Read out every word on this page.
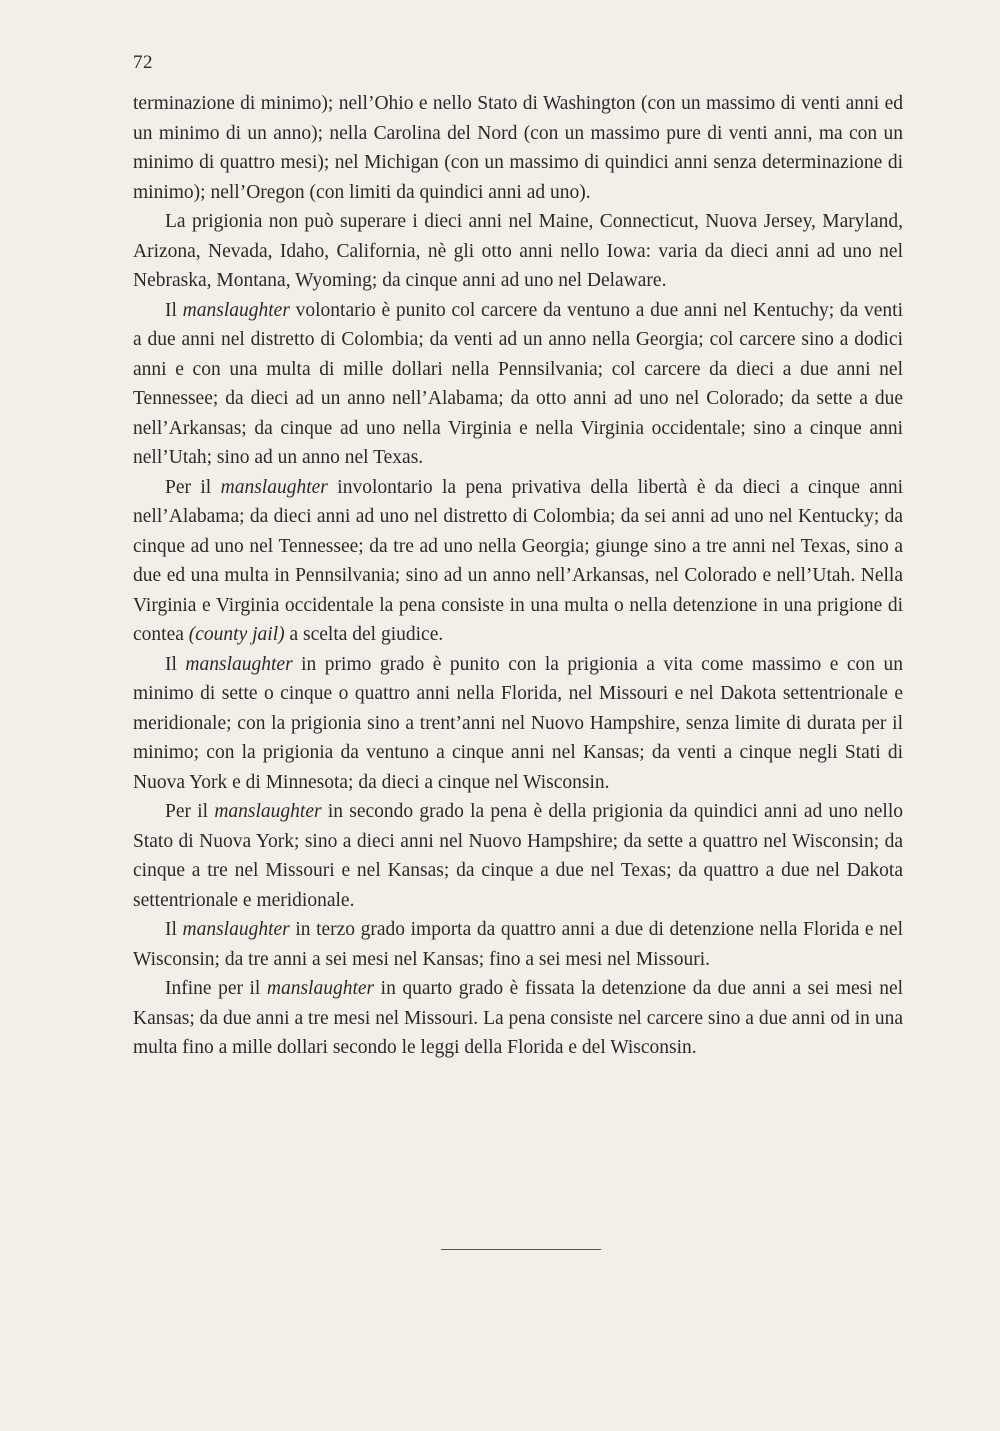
72

terminazione di minimo); nell’Ohio e nello Stato di Washington (con un massimo di venti anni ed un minimo di un anno); nella Carolina del Nord (con un massimo pure di venti anni, ma con un minimo di quattro mesi); nel Michigan (con un massimo di quindici anni senza determinazione di minimo); nell’Oregon (con limiti da quindici anni ad uno).

La prigionia non può superare i dieci anni nel Maine, Connecticut, Nuova Jersey, Maryland, Arizona, Nevada, Idaho, California, nè gli otto anni nello Iowa: varia da dieci anni ad uno nel Nebraska, Montana, Wyoming; da cinque anni ad uno nel Delaware.

Il manslaughter volontario è punito col carcere da ventuno a due anni nel Kentuchy; da venti a due anni nel distretto di Colombia; da venti ad un anno nella Georgia; col carcere sino a dodici anni e con una multa di mille dollari nella Pennsilvania; col carcere da dieci a due anni nel Tennessee; da dieci ad un anno nell’Alabama; da otto anni ad uno nel Colorado; da sette a due nell’Arkansas; da cinque ad uno nella Virginia e nella Virginia occidentale; sino a cinque anni nell’Utah; sino ad un anno nel Texas.

Per il manslaughter involontario la pena privativa della libertà è da dieci a cinque anni nell’Alabama; da dieci anni ad uno nel distretto di Colombia; da sei anni ad uno nel Kentucky; da cinque ad uno nel Tennessee; da tre ad uno nella Georgia; giunge sino a tre anni nel Texas, sino a due ed una multa in Pennsilvania; sino ad un anno nell’Arkansas, nel Colorado e nell’Utah. Nella Virginia e Virginia occidentale la pena consiste in una multa o nella detenzione in una prigione di contea (county jail) a scelta del giudice.

Il manslaughter in primo grado è punito con la prigionia a vita come massimo e con un minimo di sette o cinque o quattro anni nella Florida, nel Missouri e nel Dakota settentrionale e meridionale; con la prigionia sino a trent’anni nel Nuovo Hampshire, senza limite di durata per il minimo; con la prigionia da ventuno a cinque anni nel Kansas; da venti a cinque negli Stati di Nuova York e di Minnesota; da dieci a cinque nel Wisconsin.

Per il manslaughter in secondo grado la pena è della prigionia da quindici anni ad uno nello Stato di Nuova York; sino a dieci anni nel Nuovo Hampshire; da sette a quattro nel Wisconsin; da cinque a tre nel Missouri e nel Kansas; da cinque a due nel Texas; da quattro a due nel Dakota settentrionale e meridionale.

Il manslaughter in terzo grado importa da quattro anni a due di detenzione nella Florida e nel Wisconsin; da tre anni a sei mesi nel Kansas; fino a sei mesi nel Missouri.

Infine per il manslaughter in quarto grado è fissata la detenzione da due anni a sei mesi nel Kansas; da due anni a tre mesi nel Missouri. La pena consiste nel carcere sino a due anni od in una multa fino a mille dollari secondo le leggi della Florida e del Wisconsin.
